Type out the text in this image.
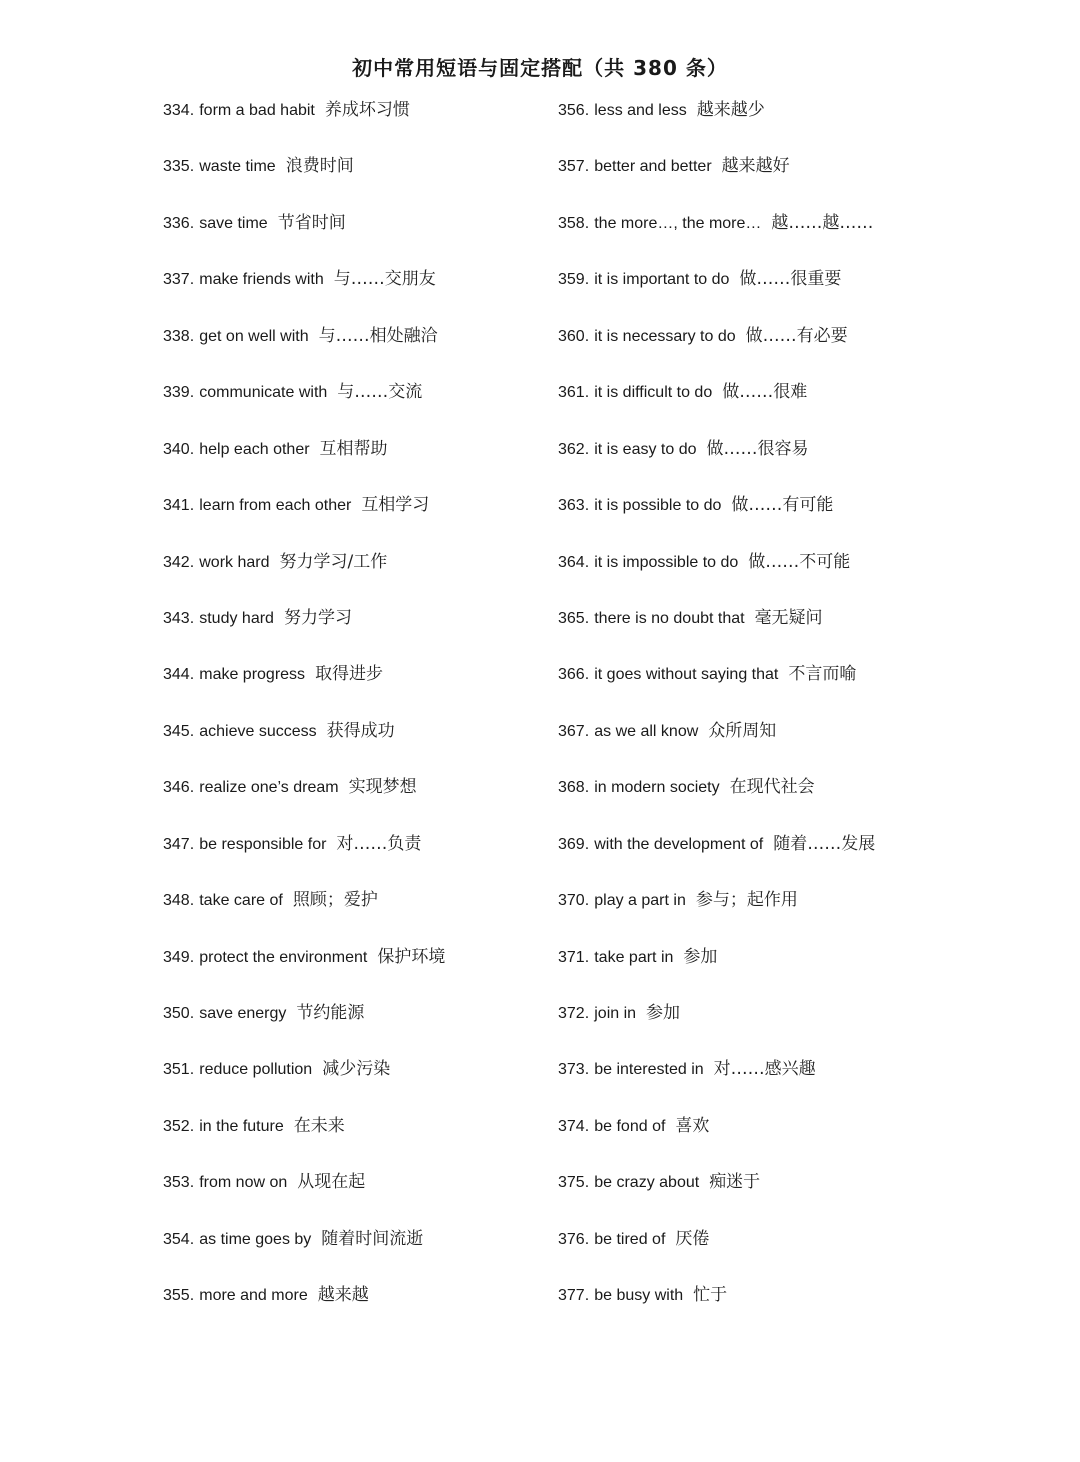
初中常用短语与固定搭配（共 380 条）
334. form a bad habit 养成坏习惯
335. waste time 浪费时间
336. save time 节省时间
337. make friends with 与……交朋友
338. get on well with 与……相处融洽
339. communicate with 与……交流
340. help each other 互相帮助
341. learn from each other 互相学习
342. work hard 努力学习/工作
343. study hard 努力学习
344. make progress 取得进步
345. achieve success 获得成功
346. realize one’s dream 实现梦想
347. be responsible for 对……负责
348. take care of 照顾；爱护
349. protect the environment 保护环境
350. save energy 节约能源
351. reduce pollution 减少污染
352. in the future 在未来
353. from now on 从现在起
354. as time goes by 随着时间流逝
355. more and more 越来越
356. less and less 越来越少
357. better and better 越来越好
358. the more…, the more… 越……越……
359. it is important to do 做……很重要
360. it is necessary to do 做……有必要
361. it is difficult to do 做……很难
362. it is easy to do 做……很容易
363. it is possible to do 做……有可能
364. it is impossible to do 做……不可能
365. there is no doubt that 毫无疑问
366. it goes without saying that 不言而喻
367. as we all know 众所周知
368. in modern society 在现代社会
369. with the development of 随着……发展
370. play a part in 参与；起作用
371. take part in 参加
372. join in 参加
373. be interested in 对……感兴趣
374. be fond of 喜欢
375. be crazy about 痴迷于
376. be tired of 厌倦
377. be busy with 忙于
